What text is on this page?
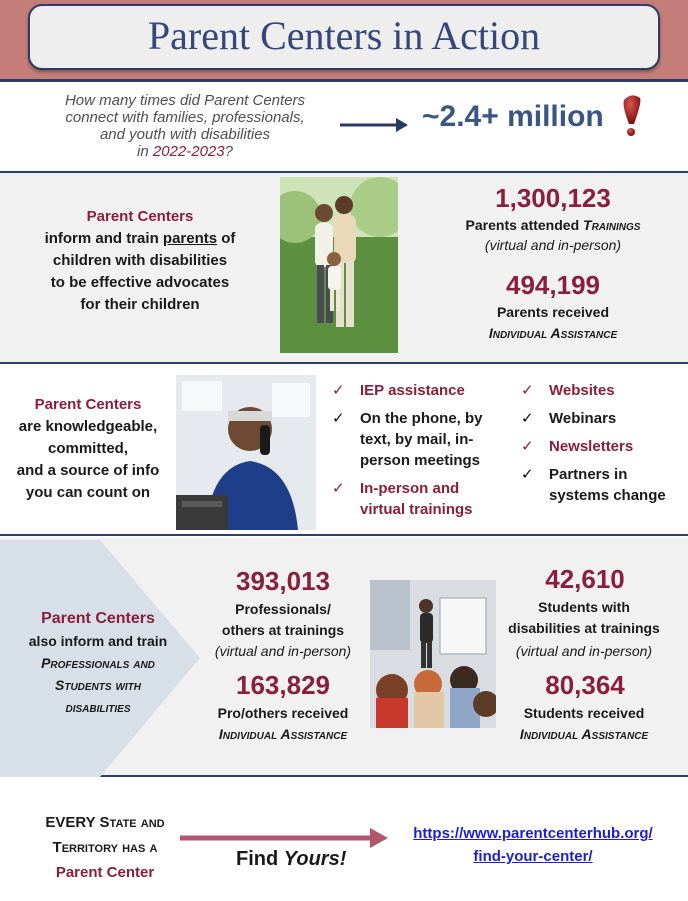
Parent Centers in Action
How many times did Parent Centers
connect with families, professionals,
and youth with disabilities
in 2022-2023?
~2.4+ million
Parent Centers
inform and train parents of
children with disabilities
to be effective advocates
for their children
1,300,123
Parents attended Trainings
(virtual and in-person)
494,199
Parents received
Individual Assistance
Parent Centers
are knowledgeable,
committed,
and a source of info
you can count on
✓ IEP assistance
✓ On the phone, by text, by mail, in-person meetings
✓ In-person and virtual trainings
✓ Websites
✓ Webinars
✓ Newsletters
✓ Partners in systems change
Parent Centers
also inform and train
Professionals and
Students with
disabilities
393,013
Professionals/
others at trainings
(virtual and in-person)
163,829
Pro/others received
Individual Assistance
42,610
Students with
disabilities at trainings
(virtual and in-person)
80,364
Students received
Individual Assistance
EVERY State and
Territory has a
Parent Center
Find Yours!
https://www.parentcenterhub.org/
find-your-center/
